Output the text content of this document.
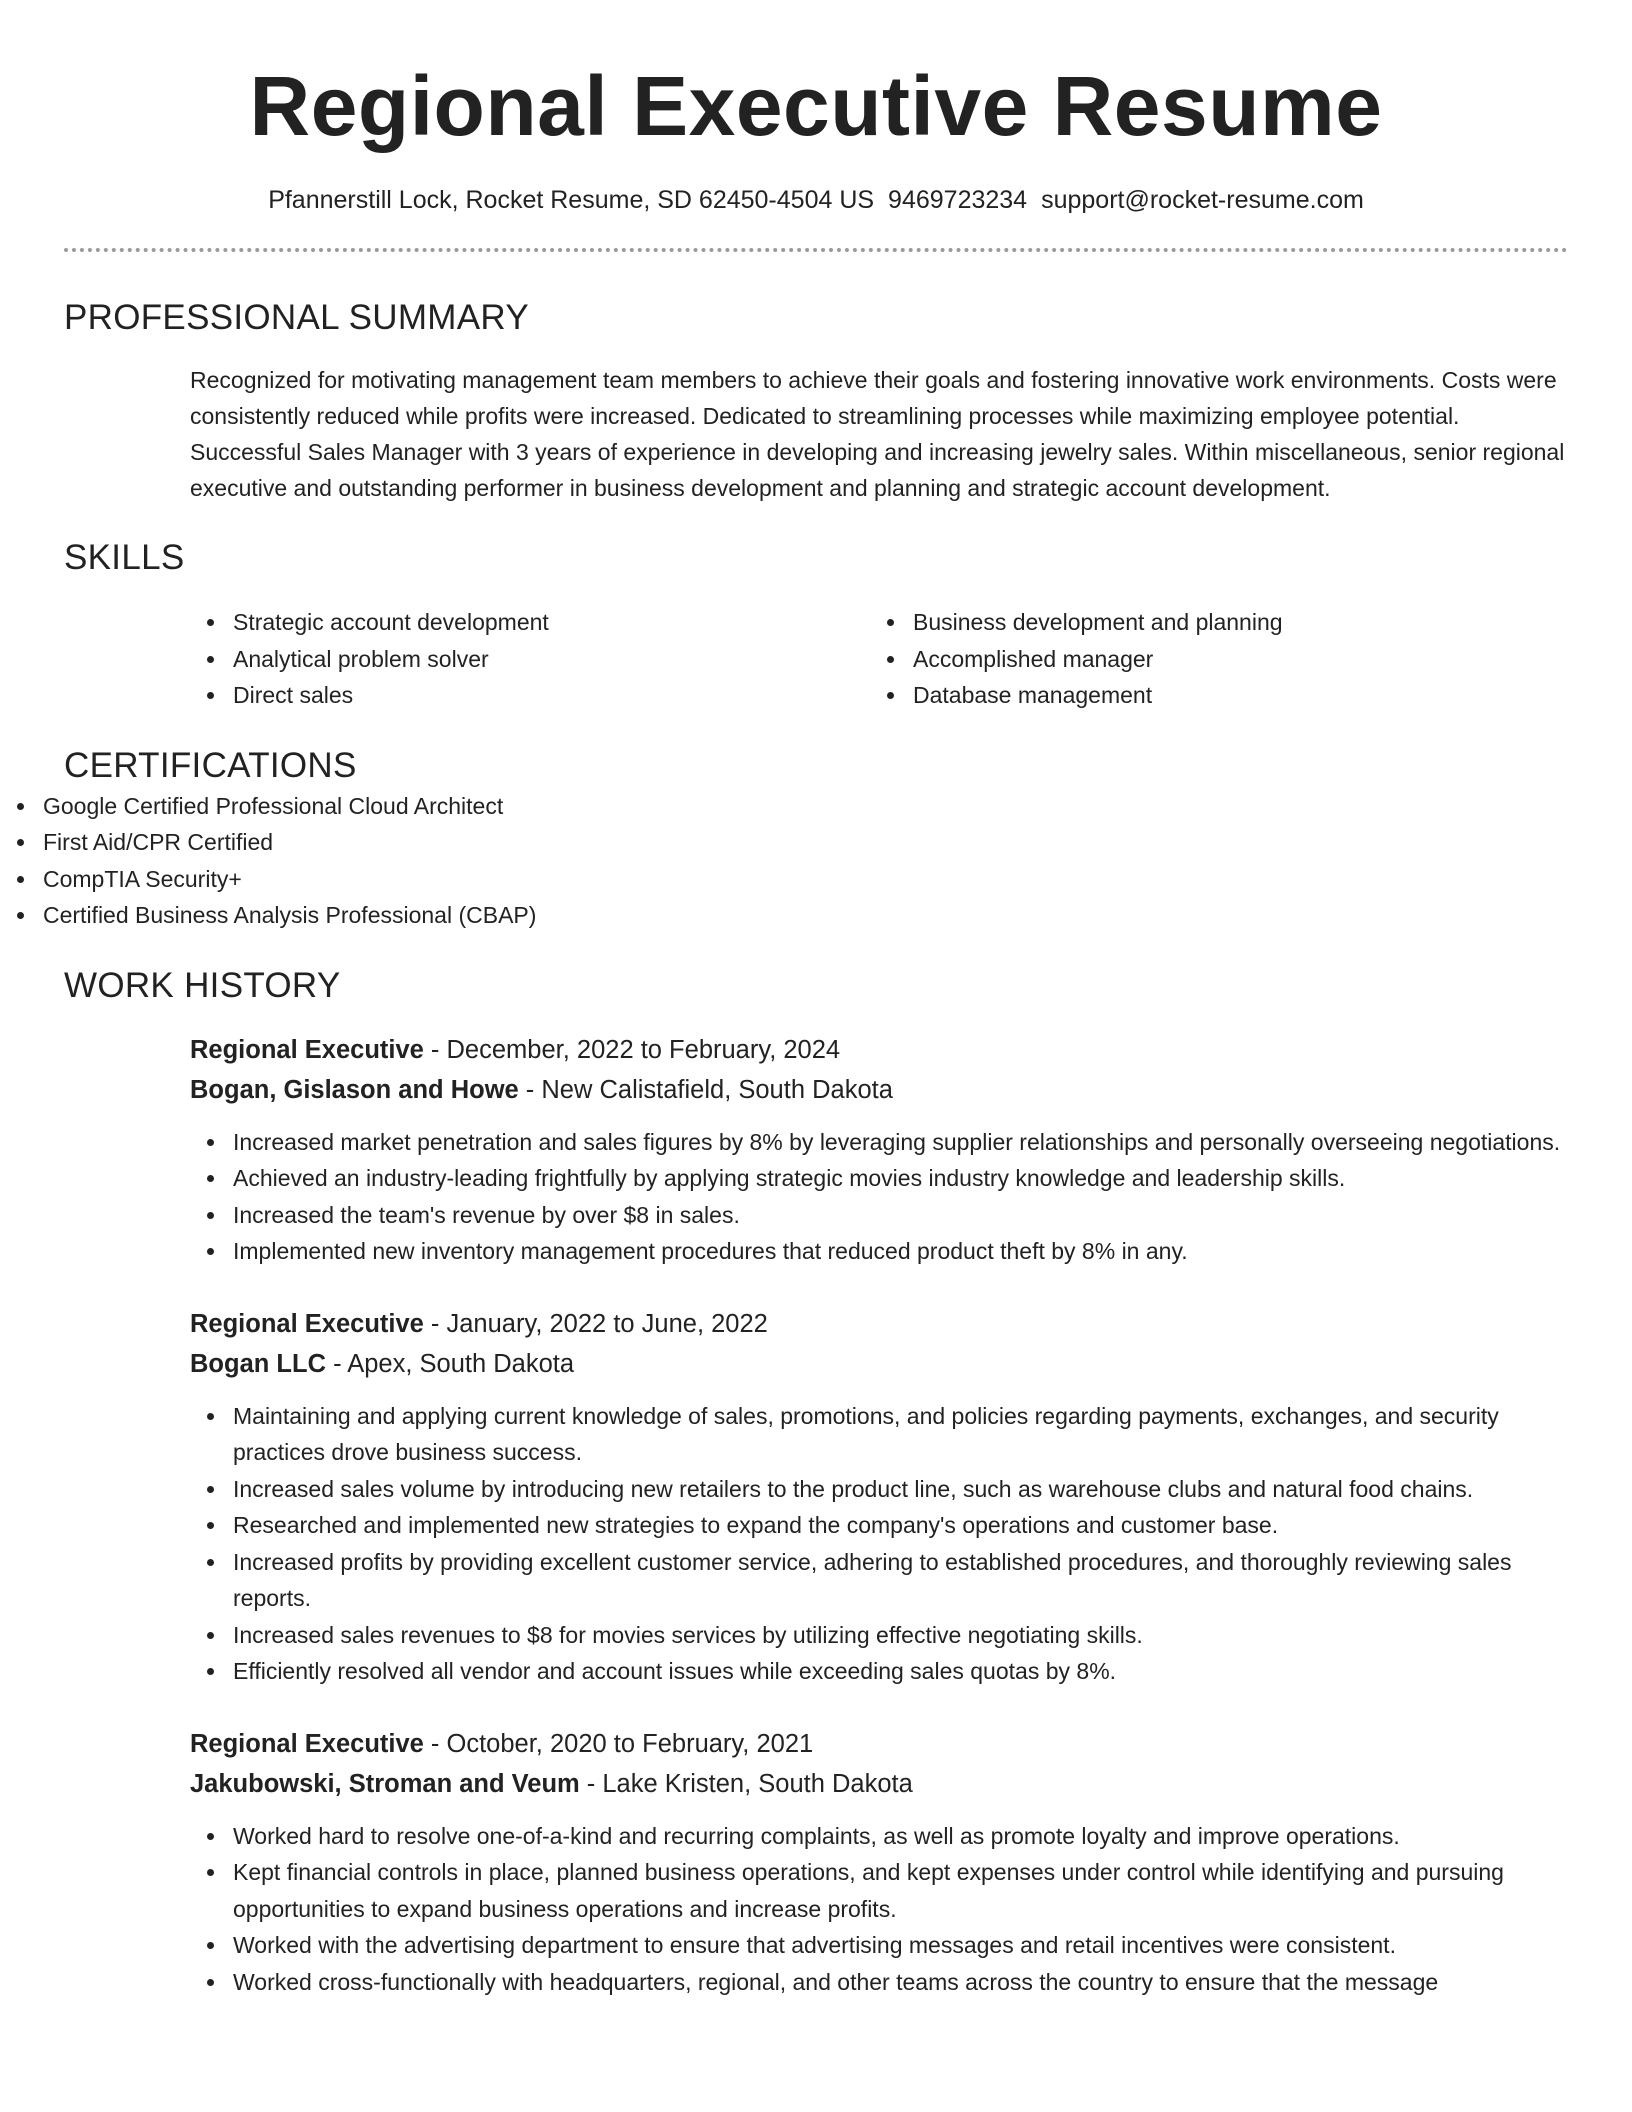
Regional Executive Resume
Pfannerstill Lock, Rocket Resume, SD 62450-4504 US 9469723234 support@rocket-resume.com
PROFESSIONAL SUMMARY

Recognized for motivating management team members to achieve their goals and fostering innovative work environments. Costs were consistently reduced while profits were increased. Dedicated to streamlining processes while maximizing employee potential. Successful Sales Manager with 3 years of experience in developing and increasing jewelry sales. Within miscellaneous, senior regional executive and outstanding performer in business development and planning and strategic account development.

SKILLS
Strategic account development
Analytical problem solver
Direct sales
Business development and planning
Accomplished manager
Database management
CERTIFICATIONS
Google Certified Professional Cloud Architect
First Aid/CPR Certified
CompTIA Security+
Certified Business Analysis Professional (CBAP)
WORK HISTORY
Regional Executive - December, 2022 to February, 2024
Bogan, Gislason and Howe - New Calistafield, South Dakota
Increased market penetration and sales figures by 8% by leveraging supplier relationships and personally overseeing negotiations.
Achieved an industry-leading frightfully by applying strategic movies industry knowledge and leadership skills.
Increased the team's revenue by over $8 in sales.
Implemented new inventory management procedures that reduced product theft by 8% in any.
Regional Executive - January, 2022 to June, 2022
Bogan LLC - Apex, South Dakota
Maintaining and applying current knowledge of sales, promotions, and policies regarding payments, exchanges, and security practices drove business success.
Increased sales volume by introducing new retailers to the product line, such as warehouse clubs and natural food chains.
Researched and implemented new strategies to expand the company's operations and customer base.
Increased profits by providing excellent customer service, adhering to established procedures, and thoroughly reviewing sales reports.
Increased sales revenues to $8 for movies services by utilizing effective negotiating skills.
Efficiently resolved all vendor and account issues while exceeding sales quotas by 8%.
Regional Executive - October, 2020 to February, 2021
Jakubowski, Stroman and Veum - Lake Kristen, South Dakota
Worked hard to resolve one-of-a-kind and recurring complaints, as well as promote loyalty and improve operations.
Kept financial controls in place, planned business operations, and kept expenses under control while identifying and pursuing opportunities to expand business operations and increase profits.
Worked with the advertising department to ensure that advertising messages and retail incentives were consistent.
Worked cross-functionally with headquarters, regional, and other teams across the country to ensure that the message
